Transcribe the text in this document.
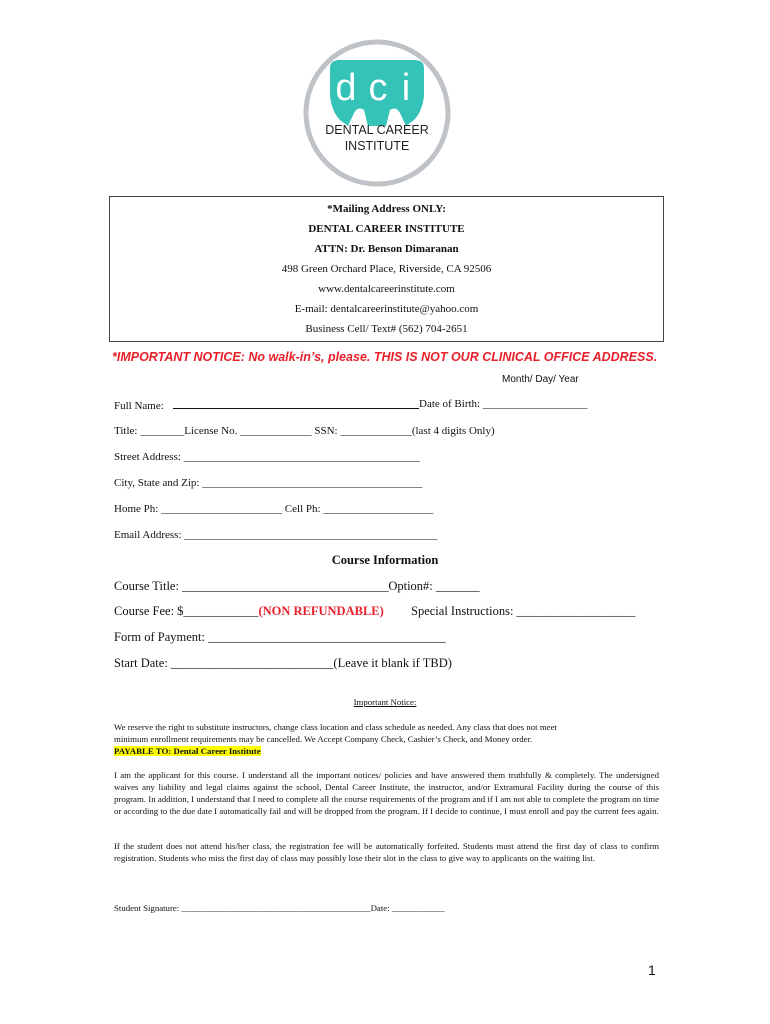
d c i
DENTAL CAREER
INSTITUTE
*Mailing Address ONLY:
DENTAL CAREER INSTITUTE
ATTN: Dr. Benson Dimaranan
498 Green Orchard Place, Riverside, CA 92506
www.dentalcareerinstitute.com
E-mail: dentalcareerinstitute@yahoo.com
Business Cell/ Text# (562) 704-2651
*IMPORTANT NOTICE: No walk-in’s, please. THIS IS NOT OUR CLINICAL OFFICE ADDRESS.
Month/ Day/ Year
Full Name:	Date of Birth: ___________________
Title: ________License No. _____________ SSN: _____________(last 4 digits Only)
Street Address: ___________________________________________
City, State and Zip: ________________________________________
Home Ph: ______________________ Cell Ph: ____________________
Email Address: ______________________________________________
Course Information
Course Title: _________________________________Option#: _______
Course Fee: $____________(NON REFUNDABLE) Special Instructions: ___________________
Form of Payment: ______________________________________
Start Date: __________________________(Leave it blank if TBD)
Important Notice:
We reserve the right to substitute instructors, change class location and class schedule as needed. Any class that does not meet
minimum enrollment requirements may be cancelled. We Accept Company Check, Cashier’s Check, and Money order.
PAYABLE TO: Dental Career Institute
I am the applicant for this course. I understand all the important notices/ policies and have answered them truthfully & completely. The undersigned waives any liability and legal claims against the school, Dental Career Institute, the instructor, and/or Extramural Facility during the course of this program. In addition, I understand that I need to complete all the course requirements of the program and if I am not able to complete the program on time or according to the due date I automatically fail and will be dropped from the program. If I decide to continue, I must enroll and pay the current fees again.
If the student does not attend his/her class, the registration fee will be automatically forfeited. Students must attend the first day of class to confirm registration. Students who miss the first day of class may possibly lose their slot in the class to give way to applicants on the waiting list.
Student Signature: ___________________________________________Date: ____________
1
